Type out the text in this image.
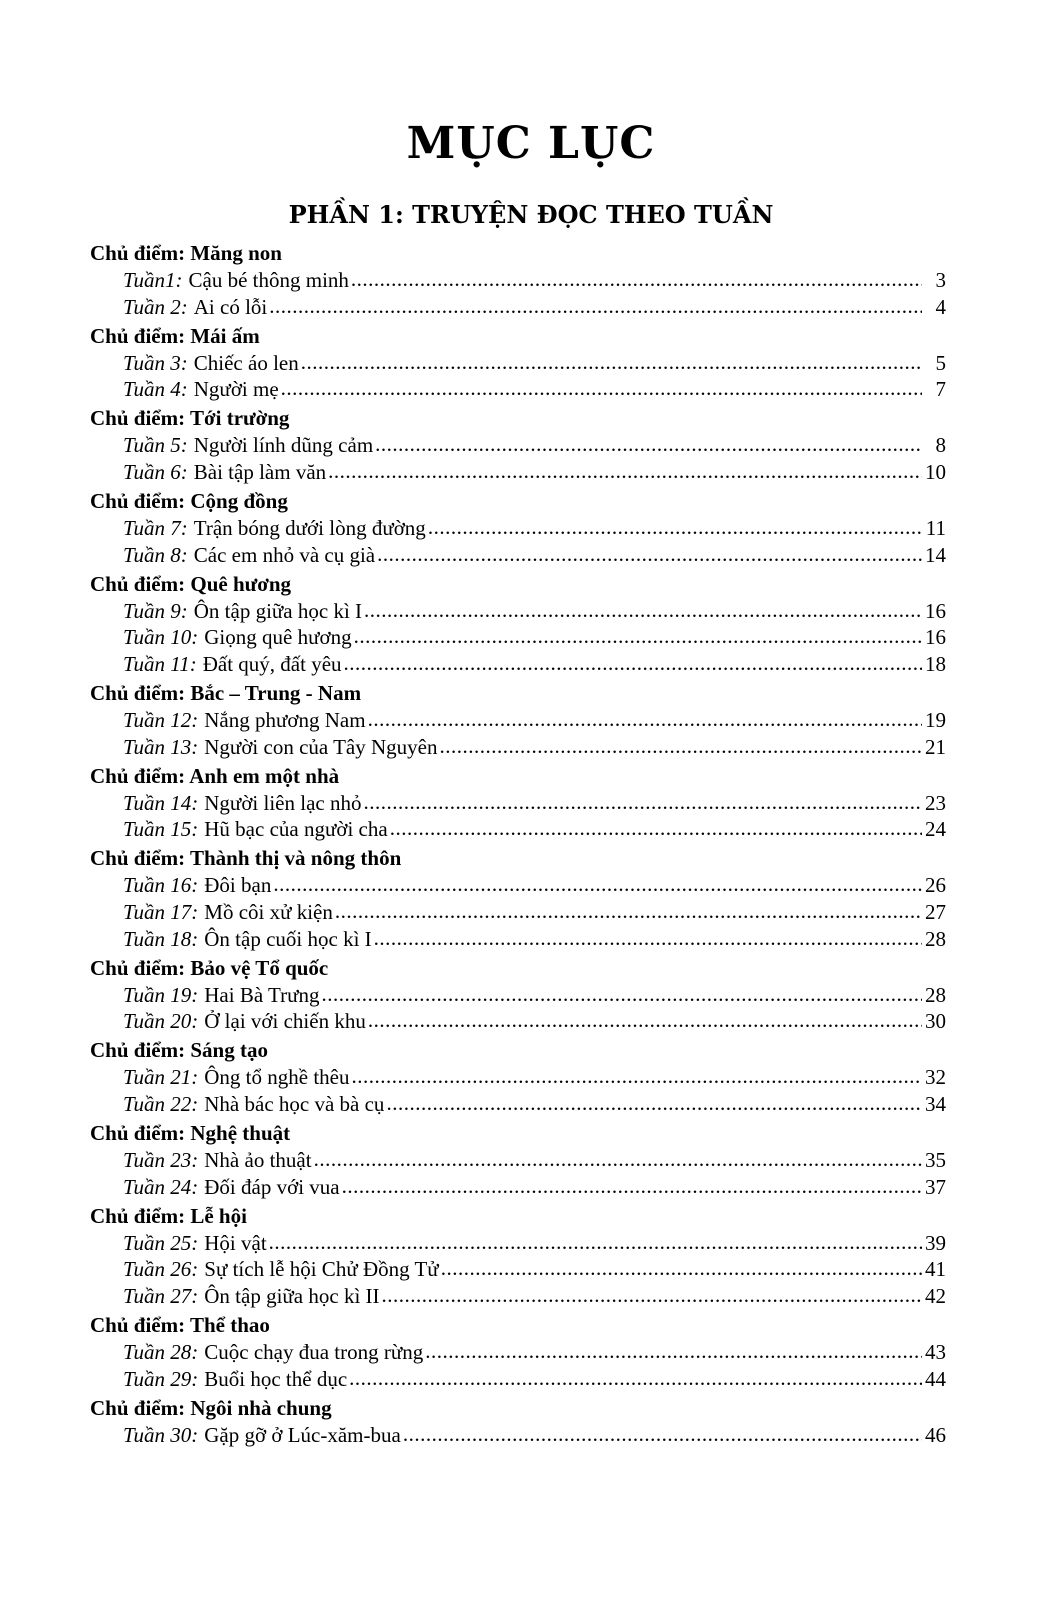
MỤC LỤC
PHẦN 1: TRUYỆN ĐỌC THEO TUẦN
Chủ điểm: Măng non
Tuần1: Cậu bé thông minh .....	3
Tuần 2: Ai có lỗi .....	4
Chủ điểm: Mái ấm
Tuần 3: Chiếc áo len .....	5
Tuần 4: Người mẹ .....	7
Chủ điểm: Tới trường
Tuần 5: Người lính dũng cảm .....	8
Tuần 6: Bài tập làm văn .....	10
Chủ điểm: Cộng đồng
Tuần 7: Trận bóng dưới lòng đường .....	11
Tuần 8: Các em nhỏ và cụ già .....	14
Chủ điểm: Quê hương
Tuần 9: Ôn tập giữa học kì I .....	16
Tuần 10: Giọng quê hương .....	16
Tuần 11: Đất quý, đất yêu .....	18
Chủ điểm: Bắc – Trung - Nam
Tuần 12: Nắng phương Nam .....	19
Tuần 13: Người con của Tây Nguyên .....	21
Chủ điểm: Anh em một nhà
Tuần 14: Người liên lạc nhỏ .....	23
Tuần 15: Hũ bạc của người cha .....	24
Chủ điểm: Thành thị và nông thôn
Tuần 16: Đôi bạn .....	26
Tuần 17: Mồ côi xử kiện .....	27
Tuần 18: Ôn tập cuối học kì I .....	28
Chủ điểm: Bảo vệ Tổ quốc
Tuần 19: Hai Bà Trưng .....	28
Tuần 20: Ở lại với chiến khu .....	30
Chủ điểm: Sáng tạo
Tuần 21: Ông tổ nghề thêu .....	32
Tuần 22: Nhà bác học và bà cụ .....	34
Chủ điểm: Nghệ thuật
Tuần 23: Nhà ảo thuật .....	35
Tuần 24: Đối đáp với vua .....	37
Chủ điểm: Lễ hội
Tuần 25: Hội vật .....	39
Tuần 26: Sự tích lễ hội Chử Đồng Tử .....	41
Tuần 27: Ôn tập giữa học kì II .....	42
Chủ điểm: Thể thao
Tuần 28: Cuộc chạy đua trong rừng .....	43
Tuần 29: Buổi học thể dục .....	44
Chủ điểm: Ngôi nhà chung
Tuần 30: Gặp gỡ ở Lúc-xăm-bua .....	46
